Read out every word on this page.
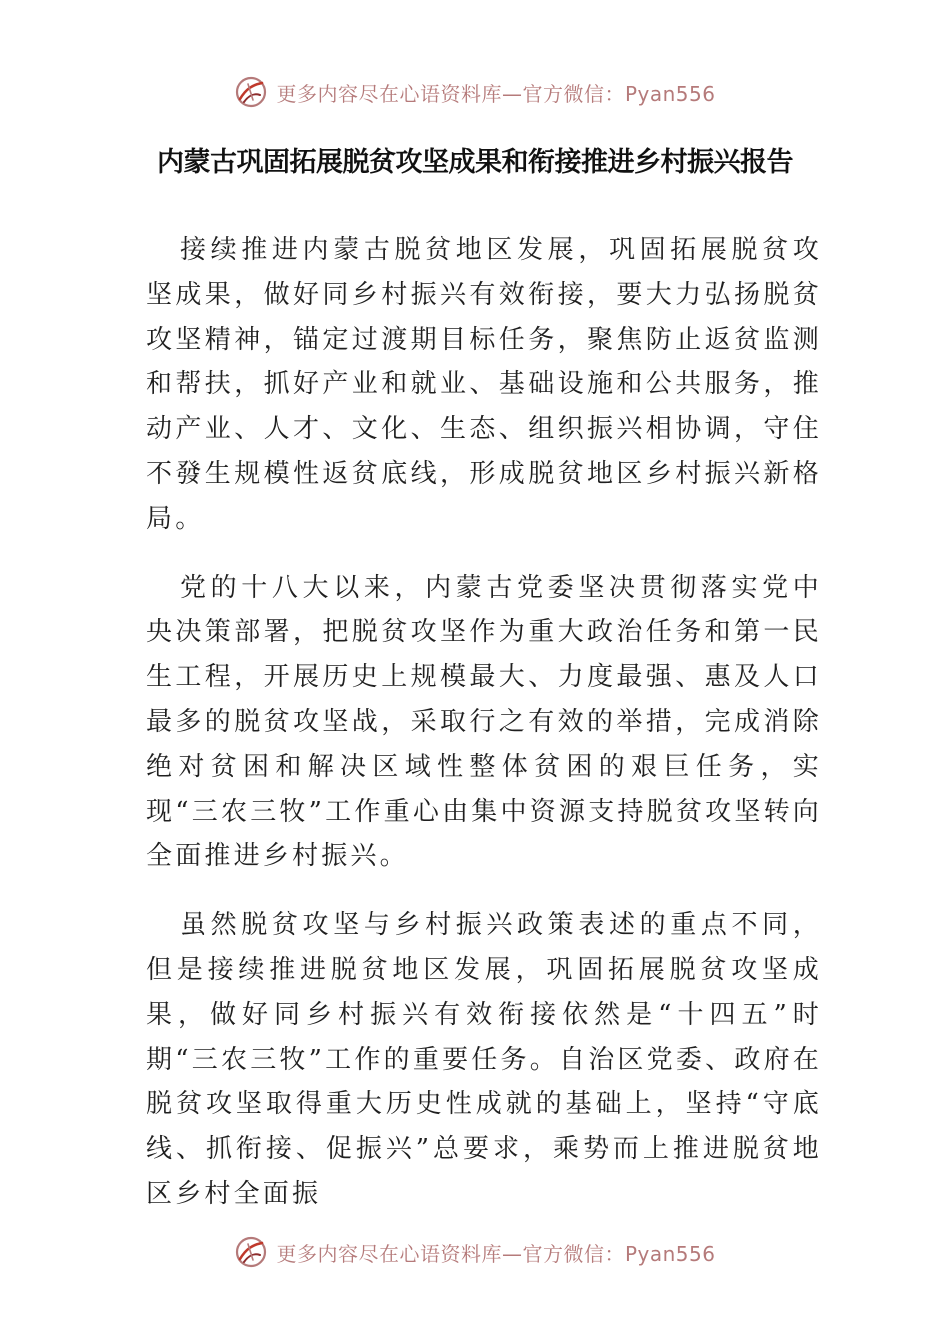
更多内容尽在心语资料库—官方微信：Pyan556
内蒙古巩固拓展脱贫攻坚成果和衔接推进乡村振兴报告

接续推进内蒙古脱贫地区发展，巩固拓展脱贫攻坚成果，做好同乡村振兴有效衔接，要大力弘扬脱贫攻坚精神，锚定过渡期目标任务，聚焦防止返贫监测和帮扶，抓好产业和就业、基础设施和公共服务，推动产业、人才、文化、生态、组织振兴相协调，守住不發生规模性返贫底线，形成脱贫地区乡村振兴新格局。

党的十八大以来，内蒙古党委坚决贯彻落实党中央决策部署，把脱贫攻坚作为重大政治任务和第一民生工程，开展历史上规模最大、力度最强、惠及人口最多的脱贫攻坚战，采取行之有效的举措，完成消除绝对贫困和解决区域性整体贫困的艰巨任务，实现“三农三牧”工作重心由集中资源支持脱贫攻坚转向全面推进乡村振兴。

虽然脱贫攻坚与乡村振兴政策表述的重点不同，但是接续推进脱贫地区发展，巩固拓展脱贫攻坚成果，做好同乡村振兴有效衔接依然是“十四五”时期“三农三牧”工作的重要任务。自治区党委、政府在脱贫攻坚取得重大历史性成就的基础上，坚持“守底线、抓衔接、促振兴”总要求，乘势而上推进脱贫地区乡村全面振

更多内容尽在心语资料库—官方微信：Pyan556
